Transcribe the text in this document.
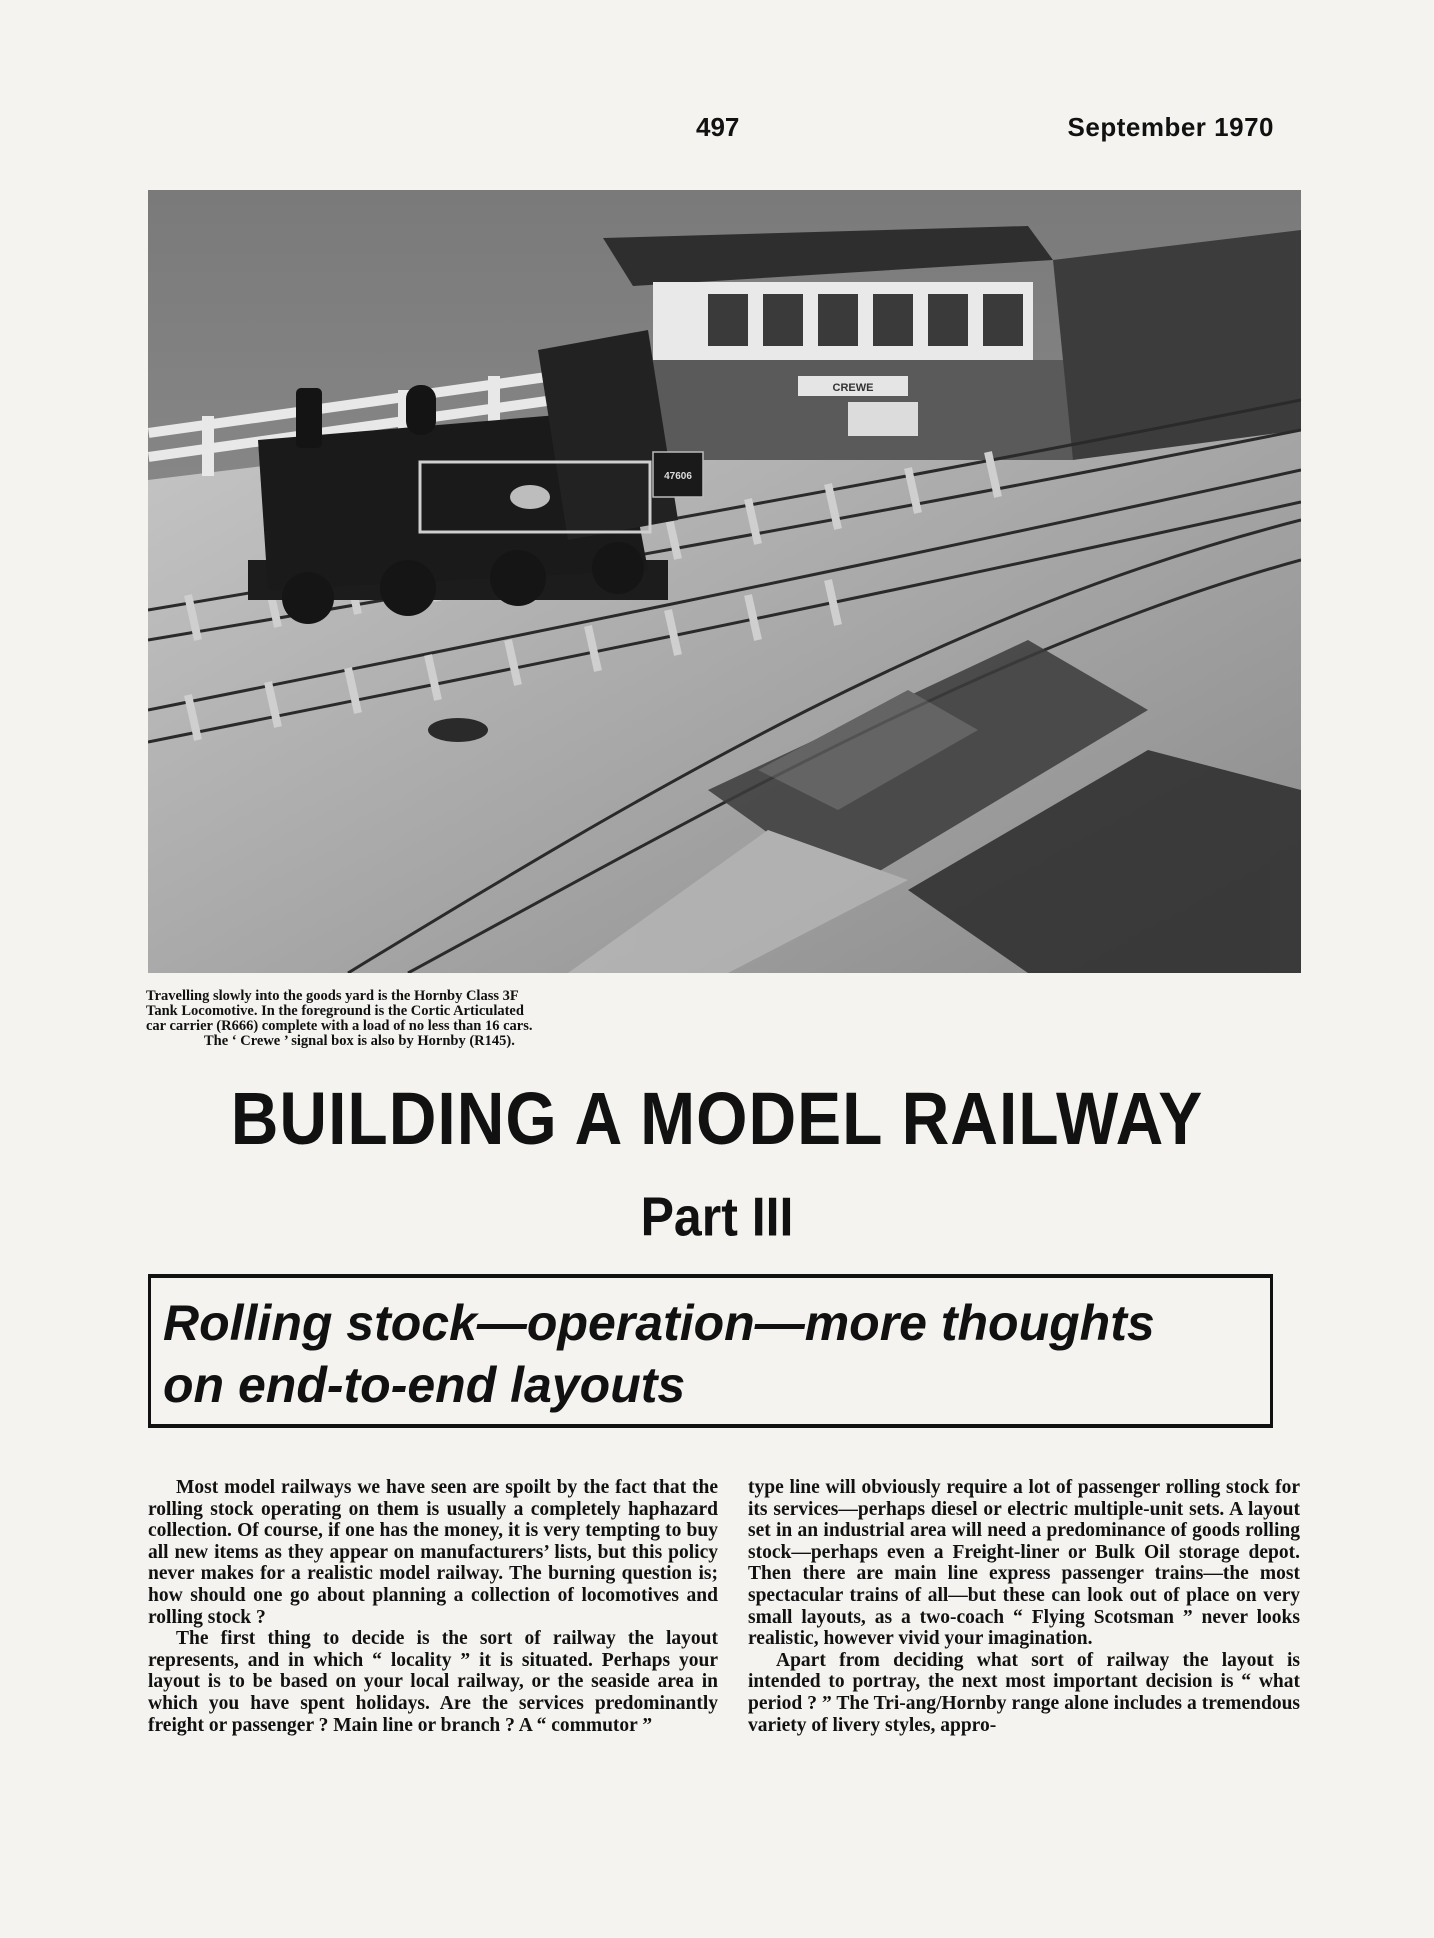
497	September 1970
CREWE
47606
Travelling slowly into the goods yard is the Hornby Class 3F
Tank Locomotive. In the foreground is the Cortic Articulated
car carrier (R666) complete with a load of no less than 16 cars.
The ‘ Crewe ’ signal box is also by Hornby (R145).
BUILDING A MODEL RAILWAY
Part III

Rolling stock—operation—more thoughts
on end-to-end layouts

Most model railways we have seen are spoilt by the fact that the rolling stock operating on them is usually a completely haphazard collection. Of course, if one has the money, it is very tempting to buy all new items as they appear on manufacturers’ lists, but this policy never makes for a realistic model railway. The burning question is; how should one go about planning a collection of locomotives and rolling stock ?

The first thing to decide is the sort of railway the layout represents, and in which “ locality ” it is situated. Perhaps your layout is to be based on your local railway, or the seaside area in which you have spent holidays. Are the services predominantly freight or passenger ? Main line or branch ? A “ commutor ”

type line will obviously require a lot of passenger rolling stock for its services—perhaps diesel or electric multiple-unit sets. A layout set in an industrial area will need a predominance of goods rolling stock—perhaps even a Freight-liner or Bulk Oil storage depot. Then there are main line express passenger trains—the most spectacular trains of all—but these can look out of place on very small layouts, as a two-coach “ Flying Scotsman ” never looks realistic, however vivid your imagination.

Apart from deciding what sort of railway the layout is intended to portray, the next most important decision is “ what period ? ” The Tri-ang/Hornby range alone includes a tremendous variety of livery styles, appro-
